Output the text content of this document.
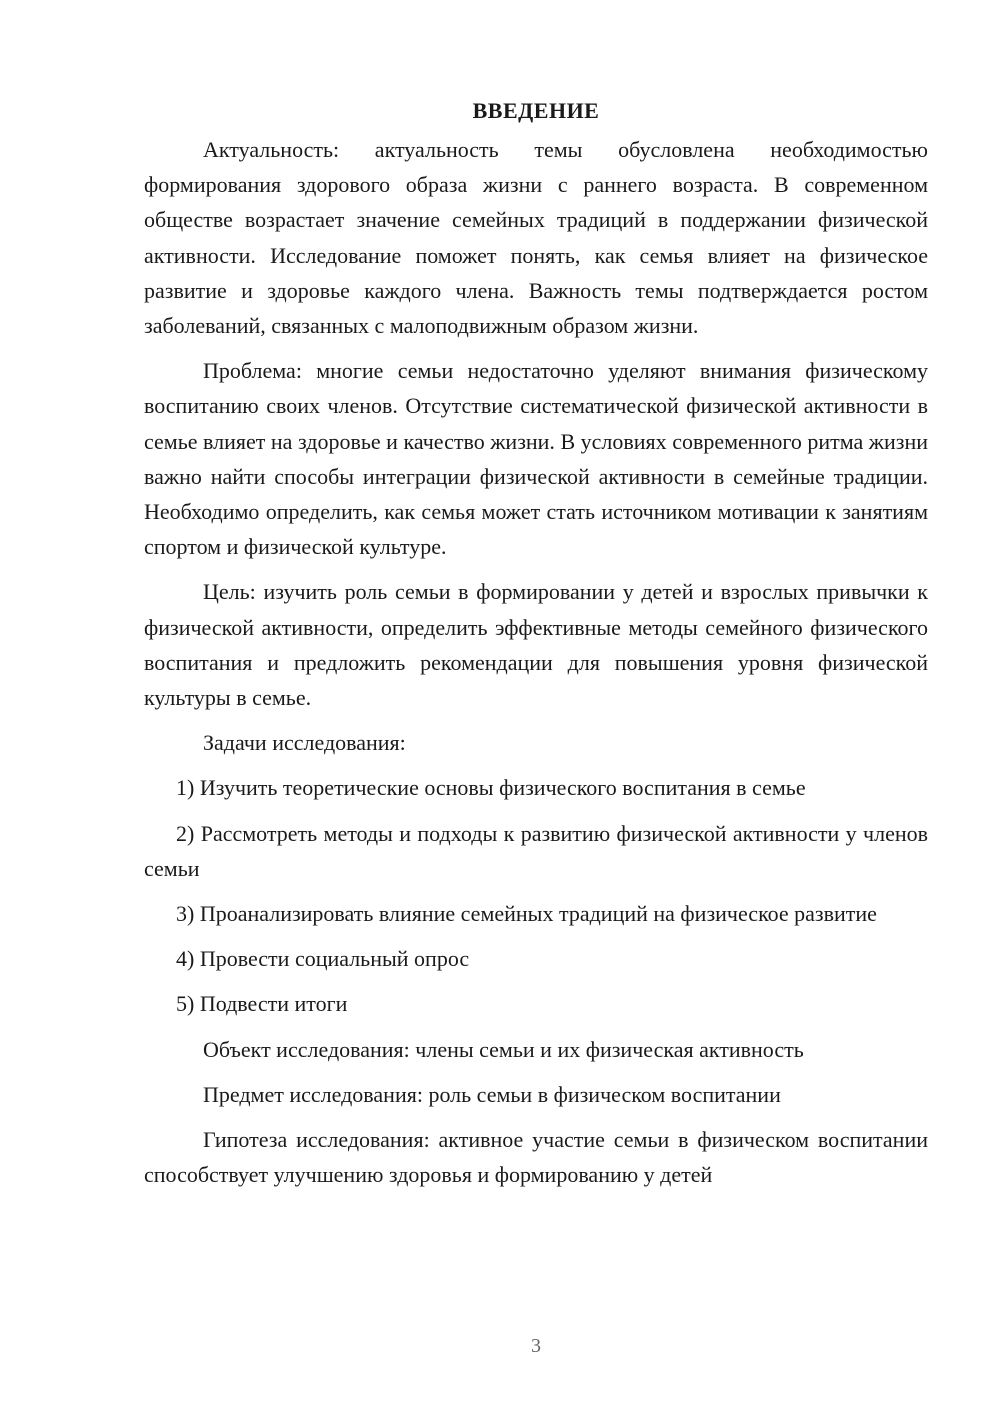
ВВЕДЕНИЕ

Актуальность: актуальность темы обусловлена необходимостью формирования здорового образа жизни с раннего возраста. В современном обществе возрастает значение семейных традиций в поддержании физической активности. Исследование поможет понять, как семья влияет на физическое развитие и здоровье каждого члена. Важность темы подтверждается ростом заболеваний, связанных с малоподвижным образом жизни.

Проблема: многие семьи недостаточно уделяют внимания физическому воспитанию своих членов. Отсутствие систематической физической активности в семье влияет на здоровье и качество жизни. В условиях современного ритма жизни важно найти способы интеграции физической активности в семейные традиции. Необходимо определить, как семья может стать источником мотивации к занятиям спортом и физической культуре.

Цель: изучить роль семьи в формировании у детей и взрослых привычки к физической активности, определить эффективные методы семейного физического воспитания и предложить рекомендации для повышения уровня физической культуры в семье.

Задачи исследования:

1) Изучить теоретические основы физического воспитания в семье

2) Рассмотреть методы и подходы к развитию физической активности у членов семьи

3) Проанализировать влияние семейных традиций на физическое развитие

4) Провести социальный опрос

5) Подвести итоги

Объект исследования: члены семьи и их физическая активность

Предмет исследования: роль семьи в физическом воспитании

Гипотеза исследования: активное участие семьи в физическом воспитании способствует улучшению здоровья и формированию у детей

3
